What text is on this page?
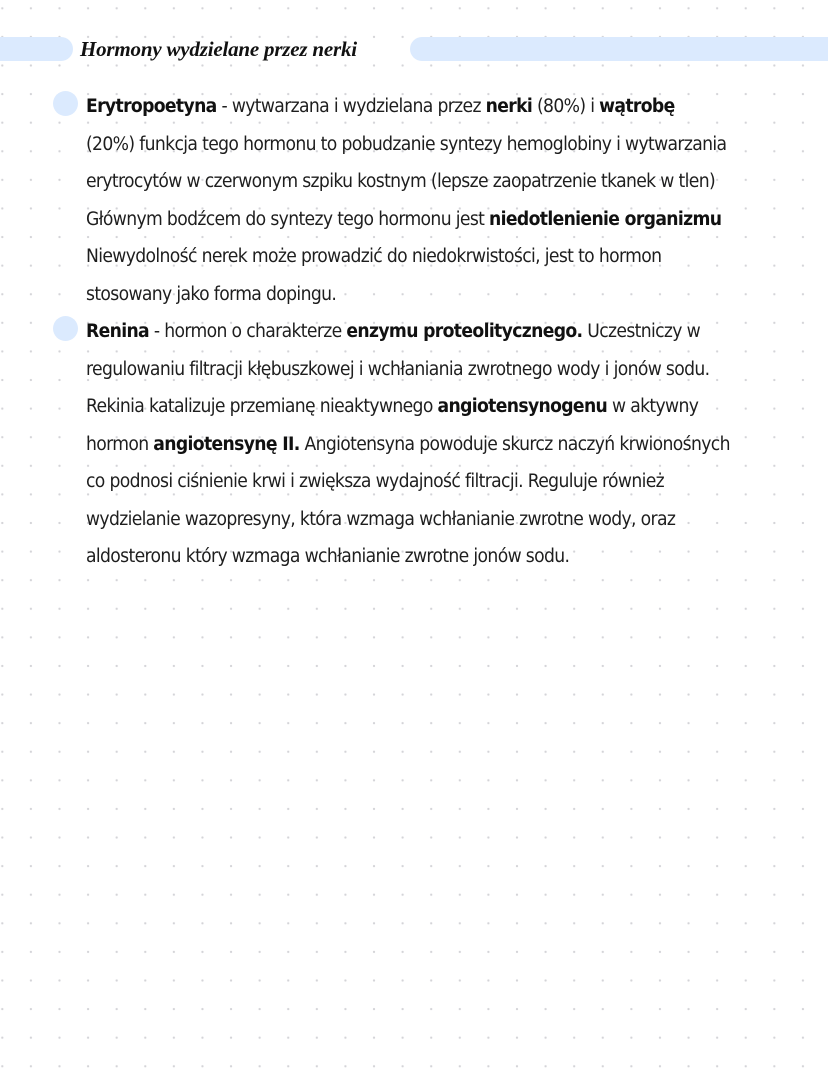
Hormony wydzielane przez nerki
Erytropoetyna - wytwarzana i wydzielana przez nerki (80%) i wątrobę
(20%) funkcja tego hormonu to pobudzanie syntezy hemoglobiny i wytwarzania
erytrocytów w czerwonym szpiku kostnym (lepsze zaopatrzenie tkanek w tlen)
Głównym bodźcem do syntezy tego hormonu jest niedotlenienie organizmu
Niewydolność nerek może prowadzić do niedokrwistości, jest to hormon
stosowany jako forma dopingu.
Renina - hormon o charakterze enzymu proteolitycznego. Uczestniczy w
regulowaniu filtracji kłębuszkowej i wchłaniania zwrotnego wody i jonów sodu.
Rekinia katalizuje przemianę nieaktywnego angiotensynogenu w aktywny
hormon angiotensynę II. Angiotensyna powoduje skurcz naczyń krwionośnych
co podnosi ciśnienie krwi i zwiększa wydajność filtracji. Reguluje również
wydzielanie wazopresyny, która wzmaga wchłanianie zwrotne wody, oraz
aldosteronu który wzmaga wchłanianie zwrotne jonów sodu.
